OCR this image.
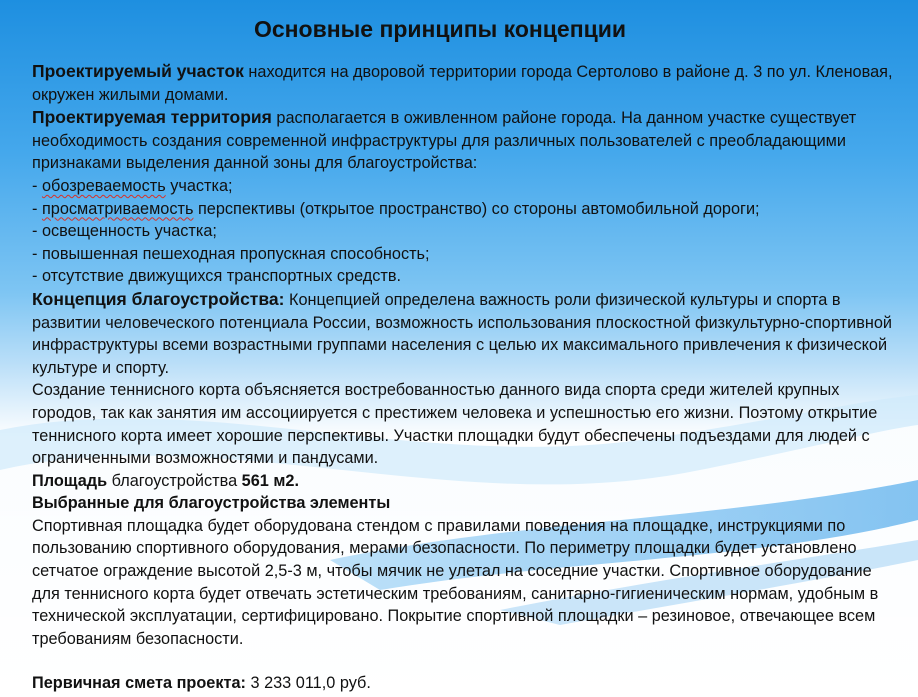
Основные принципы концепции

Проектируемый участок находится на дворовой территории города Сертолово в районе д. 3 по ул. Кленовая, окружен жилыми домами.

Проектируемая территория располагается в оживленном районе города. На данном участке существует необходимость создания современной инфраструктуры для различных пользователей с преобладающими признаками выделения данной зоны для благоустройства:

- обозреваемость участка;

- просматриваемость перспективы (открытое пространство) со стороны автомобильной дороги;

- освещенность участка;

- повышенная пешеходная пропускная способность;

- отсутствие движущихся транспортных средств.

Концепция благоустройства: Концепцией определена важность роли физической культуры и спорта в развитии человеческого потенциала России, возможность использования плоскостной физкультурно-спортивной инфраструктуры всеми возрастными группами населения с целью их максимального привлечения к физической культуре и спорту.

Создание теннисного корта объясняется востребованностью данного вида спорта среди жителей крупных городов, так как занятия им ассоциируется с престижем человека и успешностью его жизни. Поэтому открытие теннисного корта имеет хорошие перспективы. Участки площадки будут обеспечены подъездами для людей с ограниченными возможностями и пандусами.

Площадь благоустройства 561 м2.

Выбранные для благоустройства элементы

Спортивная площадка будет оборудована стендом с правилами поведения на площадке, инструкциями по пользованию спортивного оборудования, мерами безопасности. По периметру площадки будет установлено сетчатое ограждение высотой 2,5-3 м, чтобы мячик не улетал на соседние участки. Спортивное оборудование для теннисного корта будет отвечать эстетическим требованиям, санитарно-гигиеническим нормам, удобным в технической эксплуатации, сертифицировано. Покрытие спортивной площадки – резиновое, отвечающее всем требованиям безопасности.

Первичная смета проекта: 3 233 011,0 руб.
